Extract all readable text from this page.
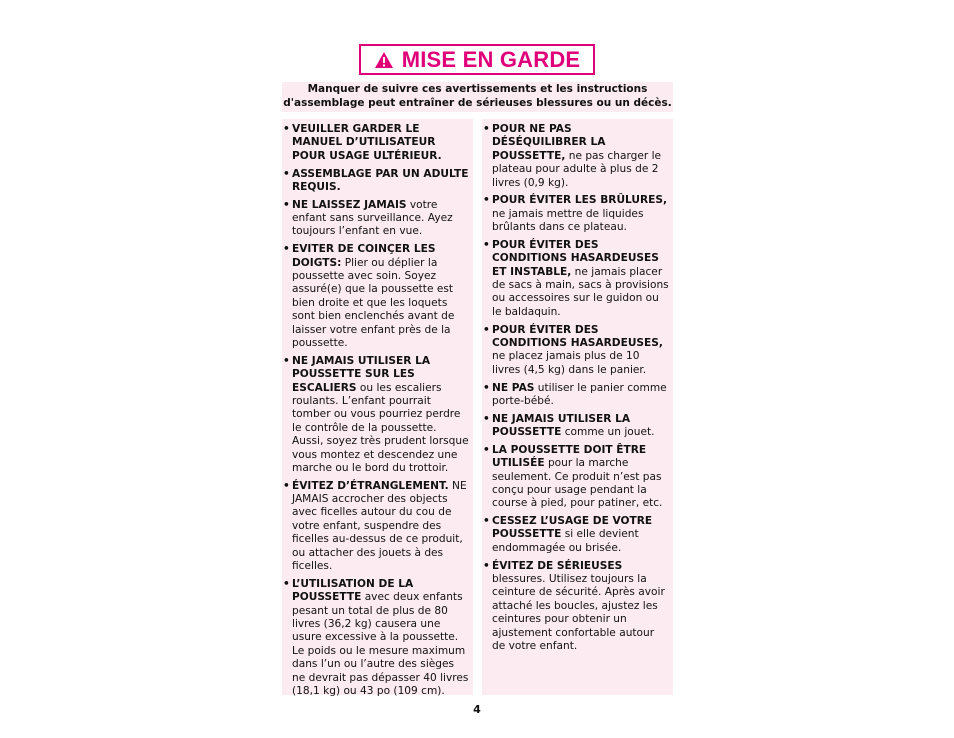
MISE EN GARDE
Manquer de suivre ces avertissements et les instructions
d'assemblage peut entraîner de sérieuses blessures ou un décès.
• VEUILLER GARDER LE MANUEL D’UTILISATEUR POUR USAGE ULTÉRIEUR.
• ASSEMBLAGE PAR UN ADULTE REQUIS.
• NE LAISSEZ JAMAIS votre enfant sans surveillance. Ayez toujours l’enfant en vue.
• EVITER DE COINÇER LES DOIGTS: Plier ou déplier la poussette avec soin. Soyez assuré(e) que la poussette est bien droite et que les loquets sont bien enclenchés avant de laisser votre enfant près de la poussette.
• NE JAMAIS UTILISER LA POUSSETTE SUR LES ESCALIERS ou les escaliers roulants. L’enfant pourrait tomber ou vous pourriez perdre le contrôle de la poussette. Aussi, soyez très prudent lorsque vous montez et descendez une marche ou le bord du trottoir.
• ÉVITEZ D’ÉTRANGLEMENT. NE JAMAIS accrocher des objects avec ficelles autour du cou de votre enfant, suspendre des ficelles au-dessus de ce produit, ou attacher des jouets à des ficelles.
• L’UTILISATION DE LA POUSSETTE avec deux enfants pesant un total de plus de 80 livres (36,2 kg) causera une usure excessive à la poussette. Le poids ou le mesure maximum dans l’un ou l’autre des sièges ne devrait pas dépasser 40 livres (18,1 kg) ou 43 po (109 cm).
• POUR NE PAS DÉSÉQUILIBRER LA POUSSETTE, ne pas charger le plateau pour adulte à plus de 2 livres (0,9 kg).
• POUR ÉVITER LES BRÛLURES, ne jamais mettre de liquides brûlants dans ce plateau.
• POUR ÉVITER DES CONDITIONS HASARDEUSES ET INSTABLE, ne jamais placer de sacs à main, sacs à provisions ou accessoires sur le guidon ou le baldaquin.
• POUR ÉVITER DES CONDITIONS HASARDEUSES, ne placez jamais plus de 10 livres (4,5 kg) dans le panier.
• NE PAS utiliser le panier comme porte-bébé.
• NE JAMAIS UTILISER LA POUSSETTE comme un jouet.
• LA POUSSETTE DOIT ÊTRE UTILISÉE pour la marche seulement. Ce produit n’est pas conçu pour usage pendant la course à pied, pour patiner, etc.
• CESSEZ L’USAGE DE VOTRE POUSSETTE si elle devient endommagée ou brisée.
• ÉVITEZ DE SÉRIEUSES blessures. Utilisez toujours la ceinture de sécurité. Après avoir attaché les boucles, ajustez les ceintures pour obtenir un ajustement confortable autour de votre enfant.
4
